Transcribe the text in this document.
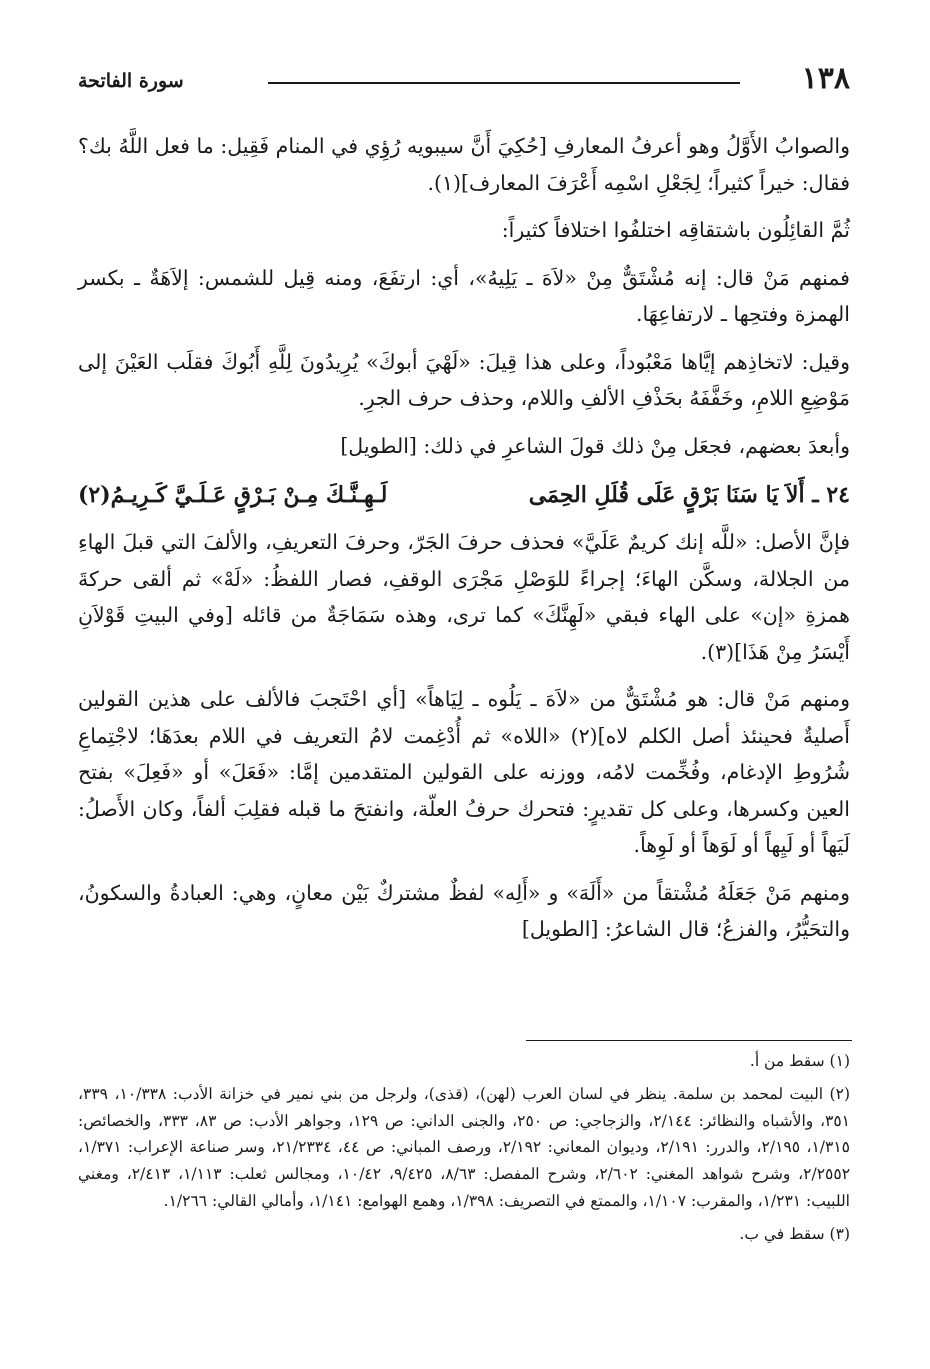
١٣٨
سورة الفاتحة

والصوابُ الأَوَّلُ وهو أعرفُ المعارفِ [حُكِيَ أَنَّ سيبويه رُؤِي في المنام فَقِيل: ما فعل اللَّهُ بك؟ فقال: خيراً كثيراً؛ لِجَعْلِ اسْمِه أَعْرَفَ المعارف](١).

ثُمَّ القائِلُون باشتقاقِه اختلفُوا اختلافاً كثيراً:

فمنهم مَنْ قال: إنه مُشْتَقٌّ مِنْ «لاَهَ ـ يَلِيهُ»، أي: ارتفَعَ، ومنه قِيل للشمس: إلاَهَةٌ ـ بكسر الهمزة وفتحِها ـ لارتفاعِهَا.

وقيل: لاتخاذِهم إيَّاها مَعْبُوداً، وعلى هذا قِيلَ: «لَهْيَ أبوكَ» يُرِيدُونَ لِلَّهِ أَبُوكَ فقلَب العَيْنَ إلى مَوْضِعِ اللامِ، وخَفَّفَهُ بحَذْفِ الألفِ واللام، وحذف حرف الجرِ.

وأبعدَ بعضهم، فجعَل مِنْ ذلك قولَ الشاعرِ في ذلك: [الطويل]

٢٤ ـ أَلاَ يَا سَنَا بَرْقٍ عَلَى قُلَلِ الحِمَى
لَـهِـنَّـكَ مِـنْ بَـرْقٍ عَـلَـيَّ كَـرِيـمُ(٢)

فإنَّ الأصل: «للَّه إنك كريمٌ عَلَيَّ» فحذف حرفَ الجَرّ، وحرفَ التعريفِ، والألفَ التي قبلَ الهاءِ من الجلالة، وسكَّن الهاءَ؛ إجراءً للوَصْلِ مَجْرَى الوقفِ، فصار اللفظُ: «لَهْ» ثم ألقى حركةَ همزةِ «إن» على الهاء فبقي «لَهِنَّكَ» كما ترى، وهذه سَمَاجَةٌ من قائله [وفي البيتِ قَوْلاَنِ أَيْسَرُ مِنْ هَذَا](٣).

ومنهم مَنْ قال: هو مُشْتَقٌّ من «لاَهَ ـ يَلُوه ـ لِيَاهاً» [أي احْتَجبَ فالألف على هذين القولين أَصليةٌ فحينئذ أصل الكلم لاه](٢) «اللاه» ثم أُدْغِمت لامُ التعريف في اللام بعدَهَا؛ لاجْتِماعِ شُرُوطِ الإدغام، وفُخِّمت لامُه، ووزنه على القولين المتقدمين إمَّا: «فَعَلَ» أو «فَعِلَ» بفتح العين وكسرها، وعلى كل تقديرٍ: فتحرك حرفُ العلّة، وانفتحَ ما قبله فقلِبَ ألفاً، وكان الأَصلُ: لَيَهاً أو لَيِهاً أو لَوَهاً أو لَوِهاً.

ومنهم مَنْ جَعَلَهُ مُشْتقاً من «أَلَهَ» و «أَلِه» لفظٌ مشتركٌ بَيْن معانٍ، وهي: العبادةُ والسكونُ، والتحَيُّرُ، والفزعُ؛ قال الشاعرُ: [الطويل]

(١) سقط من أ.

(٢) البيت لمحمد بن سلمة. ينظر في لسان العرب (لهن)، (قذى)، ولرجل من بني نمير في خزانة الأدب: ١٠/٣٣٨، ٣٣٩، ٣٥١، والأشباه والنظائر: ٢/١٤٤، والزجاجي: ص ٢٥٠، والجنى الداني: ص ١٢٩، وجواهر الأدب: ص ٨٣، ٣٣٣، والخصائص: ١/٣١٥، ٢/١٩٥، والدرر: ٢/١٩١، وديوان المعاني: ٢/١٩٢، ورصف المباني: ص ٤٤، ٢١/٢٣٣٤، وسر صناعة الإعراب: ١/٣٧١، ٢/٢٥٥٢، وشرح شواهد المغني: ٢/٦٠٢، وشرح المفصل: ٨/٦٣، ٩/٤٢٥، ١٠/٤٢، ومجالس ثعلب: ١/١١٣، ٢/٤١٣، ومغني اللبيب: ١/٢٣١، والمقرب: ١/١٠٧، والممتع في التصريف: ١/٣٩٨، وهمع الهوامع: ١/١٤١، وأمالي القالي: ١/٢٦٦.

(٣) سقط في ب.
